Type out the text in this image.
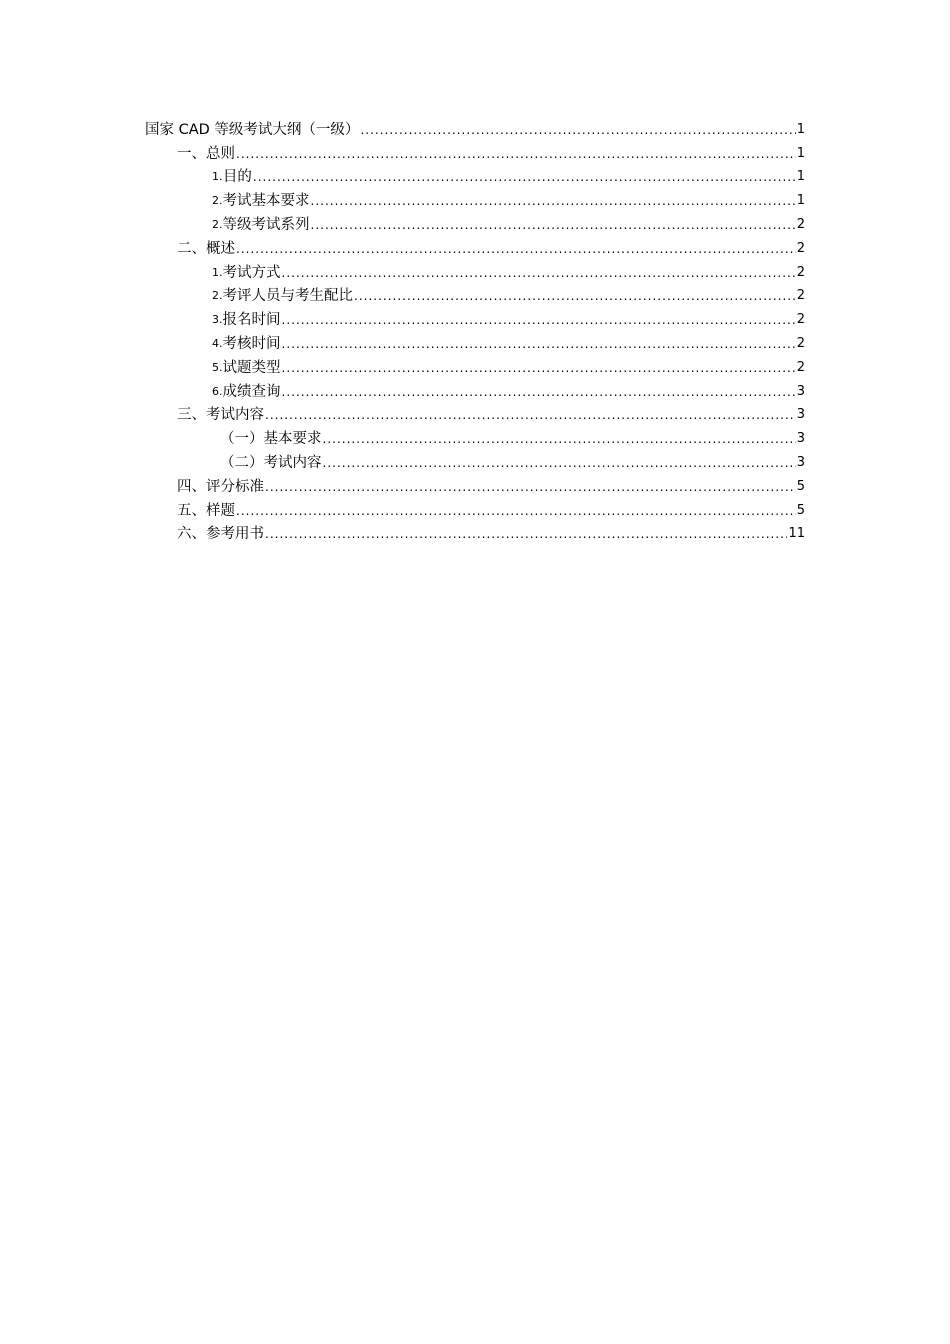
国家 CAD 等级考试大纲（一级） .....	1
一、总则 .....	1
1. 目的 .....	1
2. 考试基本要求 .....	1
2. 等级考试系列 .....	2
二、概述 .....	2
1. 考试方式 .....	2
2. 考评人员与考生配比 .....	2
3. 报名时间 .....	2
4. 考核时间 .....	2
5. 试题类型 .....	2
6. 成绩查询 .....	3
三、考试内容 .....	3
（一）基本要求 .....	3
（二）考试内容 .....	3
四、评分标准 .....	5
五、样题 .....	5
六、参考用书 .....	11
